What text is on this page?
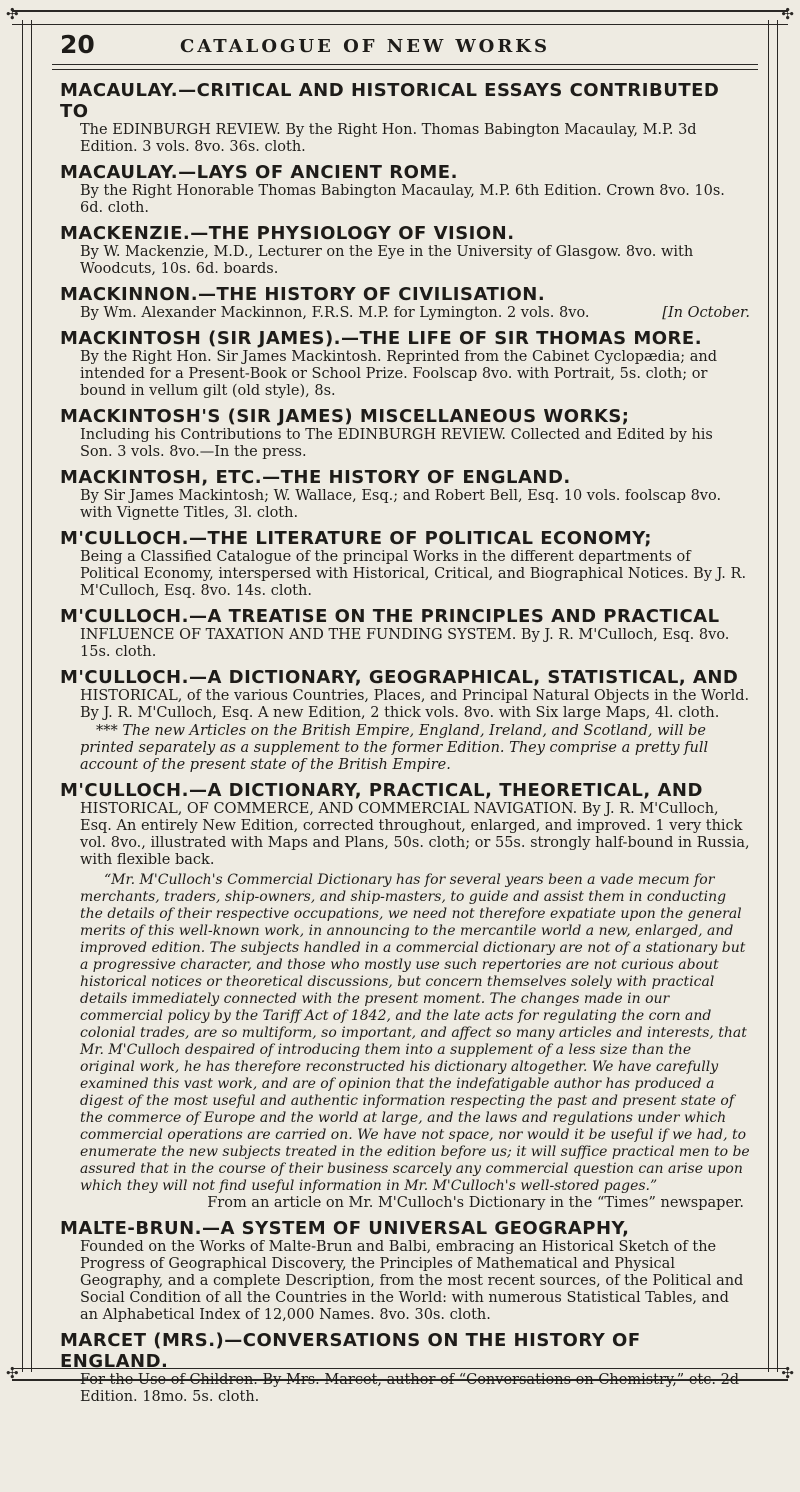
✣	✣
✣	✣
20	CATALOGUE OF NEW WORKS
MACAULAY.—CRITICAL AND HISTORICAL ESSAYS CONTRIBUTED TO
The EDINBURGH REVIEW. By the Right Hon. Thomas Babington Macaulay, M.P. 3d Edition. 3 vols. 8vo. 36s. cloth.
MACAULAY.—LAYS OF ANCIENT ROME.
By the Right Honorable Thomas Babington Macaulay, M.P. 6th Edition. Crown 8vo. 10s. 6d. cloth.
MACKENZIE.—THE PHYSIOLOGY OF VISION.
By W. Mackenzie, M.D., Lecturer on the Eye in the University of Glasgow. 8vo. with Woodcuts, 10s. 6d. boards.
MACKINNON.—THE HISTORY OF CIVILISATION.
[In October.
By Wm. Alexander Mackinnon, F.R.S. M.P. for Lymington. 2 vols. 8vo.
MACKINTOSH (SIR JAMES).—THE LIFE OF SIR THOMAS MORE.
By the Right Hon. Sir James Mackintosh. Reprinted from the Cabinet Cyclopædia; and intended for a Present-Book or School Prize. Foolscap 8vo. with Portrait, 5s. cloth; or bound in vellum gilt (old style), 8s.
MACKINTOSH'S (SIR JAMES) MISCELLANEOUS WORKS;
Including his Contributions to The EDINBURGH REVIEW. Collected and Edited by his Son. 3 vols. 8vo.—In the press.
MACKINTOSH, ETC.—THE HISTORY OF ENGLAND.
By Sir James Mackintosh; W. Wallace, Esq.; and Robert Bell, Esq. 10 vols. foolscap 8vo. with Vignette Titles, 3l. cloth.
M'CULLOCH.—THE LITERATURE OF POLITICAL ECONOMY;
Being a Classified Catalogue of the principal Works in the different departments of Political Economy, interspersed with Historical, Critical, and Biographical Notices. By J. R. M'Culloch, Esq. 8vo. 14s. cloth.
M'CULLOCH.—A TREATISE ON THE PRINCIPLES AND PRACTICAL
INFLUENCE OF TAXATION AND THE FUNDING SYSTEM. By J. R. M'Culloch, Esq. 8vo. 15s. cloth.
M'CULLOCH.—A DICTIONARY, GEOGRAPHICAL, STATISTICAL, AND
HISTORICAL, of the various Countries, Places, and Principal Natural Objects in the World. By J. R. M'Culloch, Esq. A new Edition, 2 thick vols. 8vo. with Six large Maps, 4l. cloth.
*** The new Articles on the British Empire, England, Ireland, and Scotland, will be printed separately as a supplement to the former Edition. They comprise a pretty full account of the present state of the British Empire.
M'CULLOCH.—A DICTIONARY, PRACTICAL, THEORETICAL, AND
HISTORICAL, OF COMMERCE, AND COMMERCIAL NAVIGATION. By J. R. M'Culloch, Esq. An entirely New Edition, corrected throughout, enlarged, and improved. 1 very thick vol. 8vo., illustrated with Maps and Plans, 50s. cloth; or 55s. strongly half-bound in Russia, with flexible back.
“Mr. M'Culloch's Commercial Dictionary has for several years been a vade mecum for merchants, traders, ship-owners, and ship-masters, to guide and assist them in conducting the details of their respective occupations, we need not therefore expatiate upon the general merits of this well-known work, in announcing to the mercantile world a new, enlarged, and improved edition. The subjects handled in a commercial dictionary are not of a stationary but a progressive character, and those who mostly use such repertories are not curious about historical notices or theoretical discussions, but concern themselves solely with practical details immediately connected with the present moment. The changes made in our commercial policy by the Tariff Act of 1842, and the late acts for regulating the corn and colonial trades, are so multiform, so important, and affect so many articles and interests, that Mr. M'Culloch despaired of introducing them into a supplement of a less size than the original work, he has therefore reconstructed his dictionary altogether. We have carefully examined this vast work, and are of opinion that the indefatigable author has produced a digest of the most useful and authentic information respecting the past and present state of the commerce of Europe and the world at large, and the laws and regulations under which commercial operations are carried on. We have not space, nor would it be useful if we had, to enumerate the new subjects treated in the edition before us; it will suffice practical men to be assured that in the course of their business scarcely any commercial question can arise upon which they will not find useful information in Mr. M'Culloch's well-stored pages.”
From an article on Mr. M'Culloch's Dictionary in the “Times” newspaper.
MALTE-BRUN.—A SYSTEM OF UNIVERSAL GEOGRAPHY,
Founded on the Works of Malte-Brun and Balbi, embracing an Historical Sketch of the Progress of Geographical Discovery, the Principles of Mathematical and Physical Geography, and a complete Description, from the most recent sources, of the Political and Social Condition of all the Countries in the World: with numerous Statistical Tables, and an Alphabetical Index of 12,000 Names. 8vo. 30s. cloth.
MARCET (MRS.)—CONVERSATIONS ON THE HISTORY OF ENGLAND.
For the Use of Children. By Mrs. Marcet, author of “Conversations on Chemistry,” etc. 2d Edition. 18mo. 5s. cloth.
